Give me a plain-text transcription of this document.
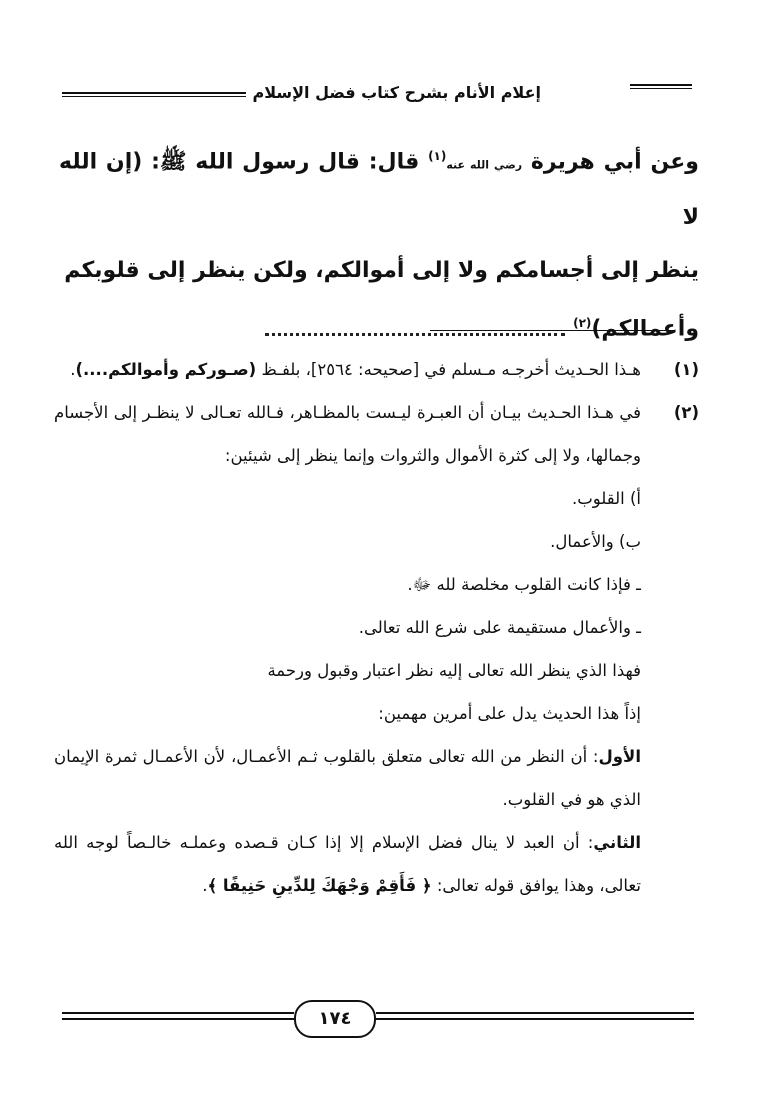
إعلام الأنام بشرح كتاب فضل الإسلام

وعن أبي هريرة رضي الله عنه$^{(١)}$ قال: قال رسول الله ﷺ: (إن الله لا

ينظر إلى أجسامكم ولا إلى أموالكم، ولكن ينظر إلى قلوبكم

وأعمالكم)$^{(٢)}$

(١)

هـذا الحـديث أخرجـه مـسلم في [صحيحه: ٢٥٦٤]، بلفـظ (صـوركم وأموالكم....).

(٢)

في هـذا الحـديث بيـان أن العبـرة ليـست بالمظـاهر، فـالله تعـالى لا ينظـر إلى الأجسام وجمالها، ولا إلى كثرة الأموال والثروات وإنما ينظر إلى شيئين:

أ) القلوب.

ب) والأعمال.

ـ فإذا كانت القلوب مخلصة لله ﷻ.

ـ والأعمال مستقيمة على شرع الله تعالى.

فهذا الذي ينظر الله تعالى إليه نظر اعتبار وقبول ورحمة

إذاً هذا الحديث يدل على أمرين مهمين:

الأول: أن النظر من الله تعالى متعلق بالقلوب ثـم الأعمـال، لأن الأعمـال ثمرة الإيمان الذي هو في القلوب.

الثاني: أن العبد لا ينال فضل الإسلام إلا إذا كـان قـصده وعملـه خالـصاً لوجه الله تعالى، وهذا يوافق قوله تعالى: ﴿ فَأَقِمْ وَجْهَكَ لِلدِّينِ حَنِيفًا ﴾.

١٧٤
